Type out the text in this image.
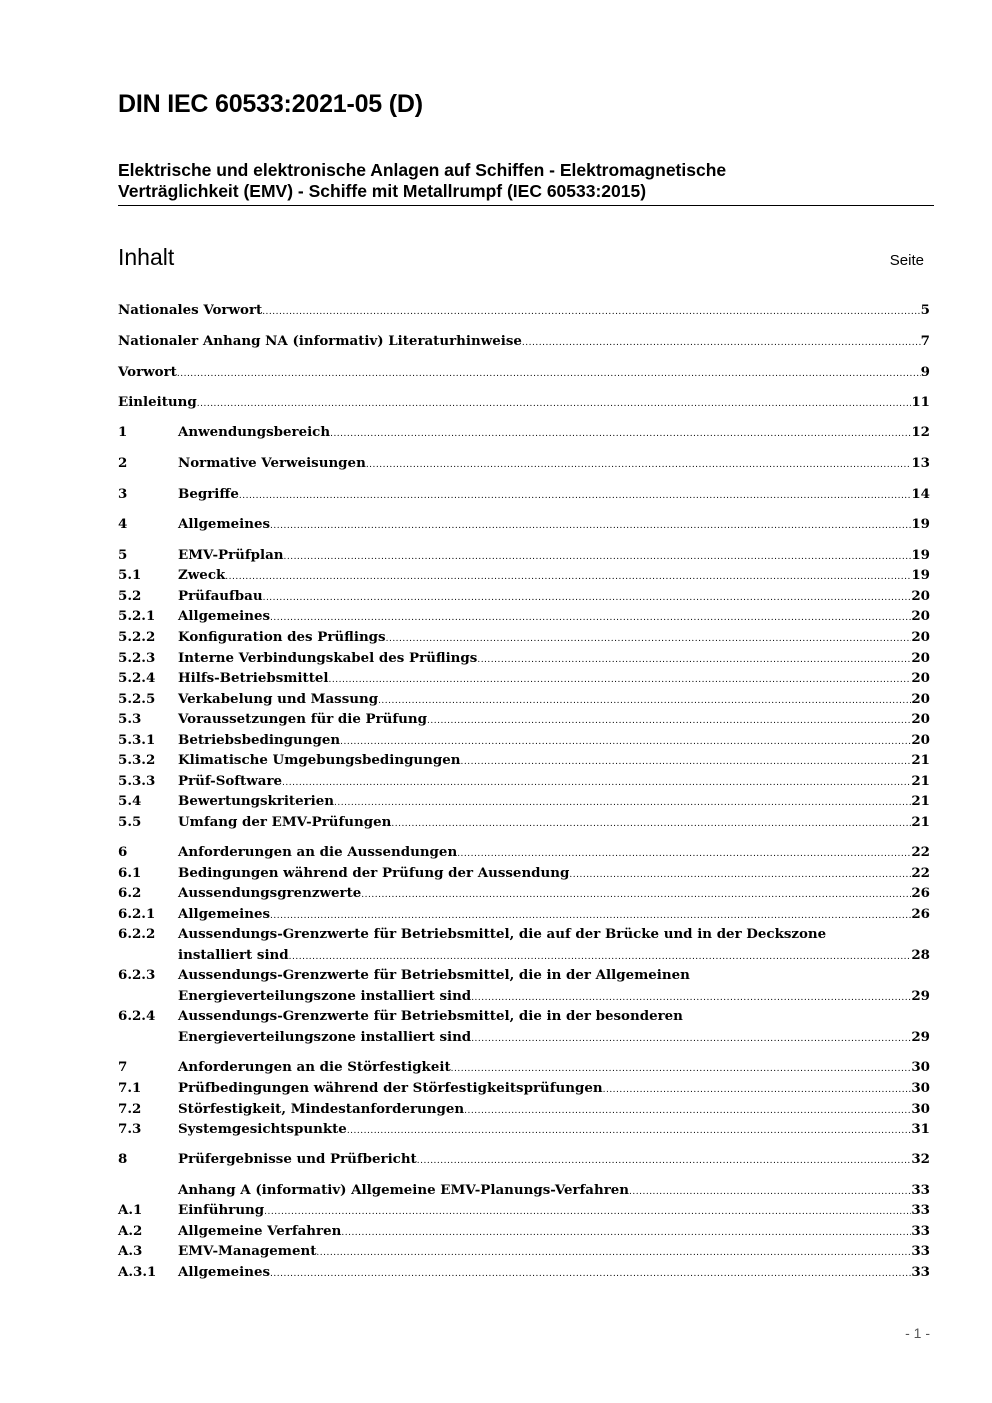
DIN IEC 60533:2021-05 (D)
Elektrische und elektronische Anlagen auf Schiffen - Elektromagnetische
Verträglichkeit (EMV) - Schiffe mit Metallrumpf (IEC 60533:2015)
Inhalt	Seite
Nationales Vorwort .....	5
Nationaler Anhang NA (informativ) Literaturhinweise .....	7
Vorwort .....	9
Einleitung .....	11
1	Anwendungsbereich .....	12
2	Normative Verweisungen .....	13
3	Begriffe .....	14
4	Allgemeines .....	19
5	EMV-Prüfplan .....	19
5.1	Zweck .....	19
5.2	Prüfaufbau .....	20
5.2.1	Allgemeines .....	20
5.2.2	Konfiguration des Prüflings .....	20
5.2.3	Interne Verbindungskabel des Prüflings .....	20
5.2.4	Hilfs-Betriebsmittel .....	20
5.2.5	Verkabelung und Massung .....	20
5.3	Voraussetzungen für die Prüfung .....	20
5.3.1	Betriebsbedingungen .....	20
5.3.2	Klimatische Umgebungsbedingungen .....	21
5.3.3	Prüf-Software .....	21
5.4	Bewertungskriterien .....	21
5.5	Umfang der EMV-Prüfungen .....	21
6	Anforderungen an die Aussendungen .....	22
6.1	Bedingungen während der Prüfung der Aussendung .....	22
6.2	Aussendungsgrenzwerte .....	26
6.2.1	Allgemeines .....	26
6.2.2	Aussendungs-Grenzwerte für Betriebsmittel, die auf der Brücke und in der Deckszone
installiert sind .....	28
6.2.3	Aussendungs-Grenzwerte für Betriebsmittel, die in der Allgemeinen
Energieverteilungszone installiert sind .....	29
6.2.4	Aussendungs-Grenzwerte für Betriebsmittel, die in der besonderen
Energieverteilungszone installiert sind .....	29
7	Anforderungen an die Störfestigkeit .....	30
7.1	Prüfbedingungen während der Störfestigkeitsprüfungen .....	30
7.2	Störfestigkeit, Mindestanforderungen .....	30
7.3	Systemgesichtspunkte .....	31
8	Prüfergebnisse und Prüfbericht .....	32
Anhang A (informativ) Allgemeine EMV-Planungs-Verfahren .....	33
A.1	Einführung .....	33
A.2	Allgemeine Verfahren .....	33
A.3	EMV-Management .....	33
A.3.1	Allgemeines .....	33
- 1 -
